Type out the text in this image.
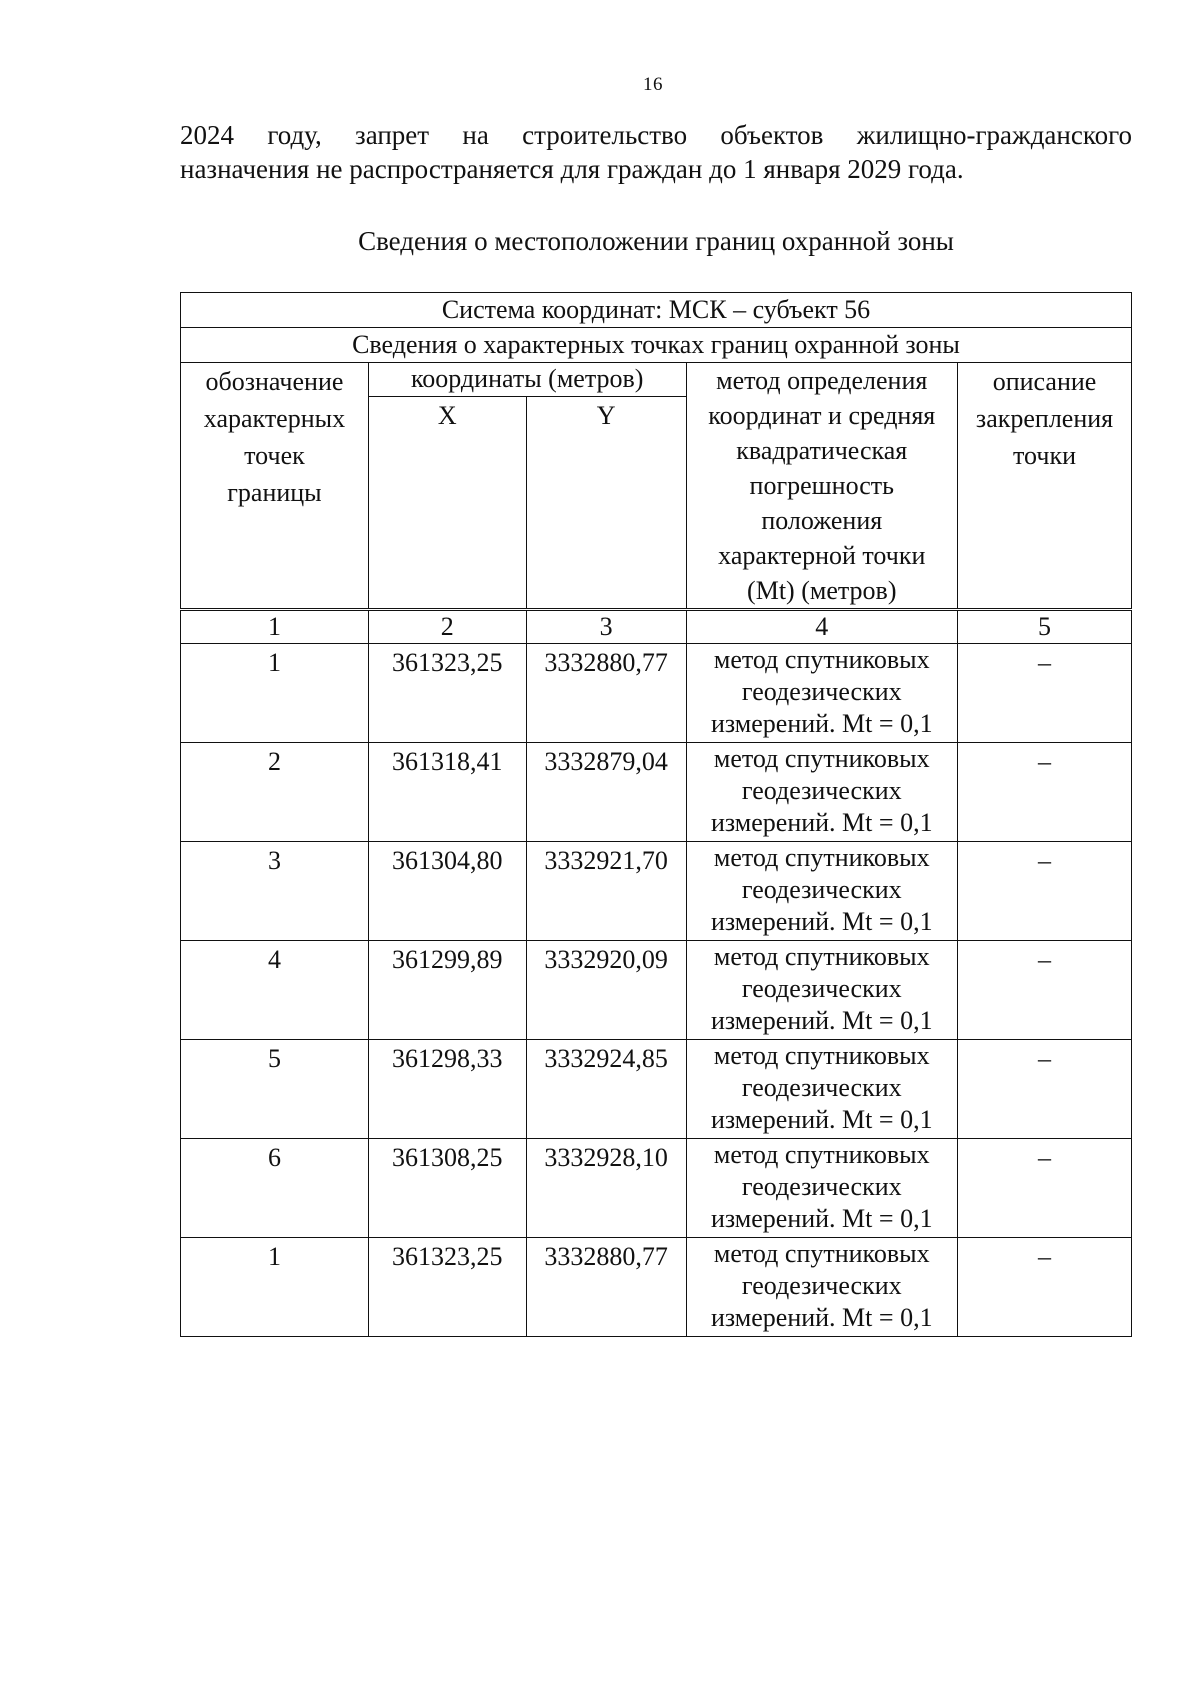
16
2024 году, запрет на строительство объектов жилищно-гражданского
назначения не распространяется для граждан до 1 января 2029 года.
Сведения о местоположении границ охранной зоны
Система координат: МСК – субъект 56				
Сведения о характерных точках границ охранной зоны				

обозначение характерных точек границы	координаты (метров)		метод определения координат и средняя квадратическая погрешность положения характерной точки (Mt) (метров)	описание закрепления точки

	X	Y		
1	2	3	4	5
1	361323,25	3332880,77	метод спутниковых геодезических измерений. Mt = 0,1	–
2	361318,41	3332879,04	метод спутниковых геодезических измерений. Mt = 0,1	–
3	361304,80	3332921,70	метод спутниковых геодезических измерений. Mt = 0,1	–
4	361299,89	3332920,09	метод спутниковых геодезических измерений. Mt = 0,1	–
5	361298,33	3332924,85	метод спутниковых геодезических измерений. Mt = 0,1	–
6	361308,25	3332928,10	метод спутниковых геодезических измерений. Mt = 0,1	–
1	361323,25	3332880,77	метод спутниковых геодезических измерений. Mt = 0,1	–
